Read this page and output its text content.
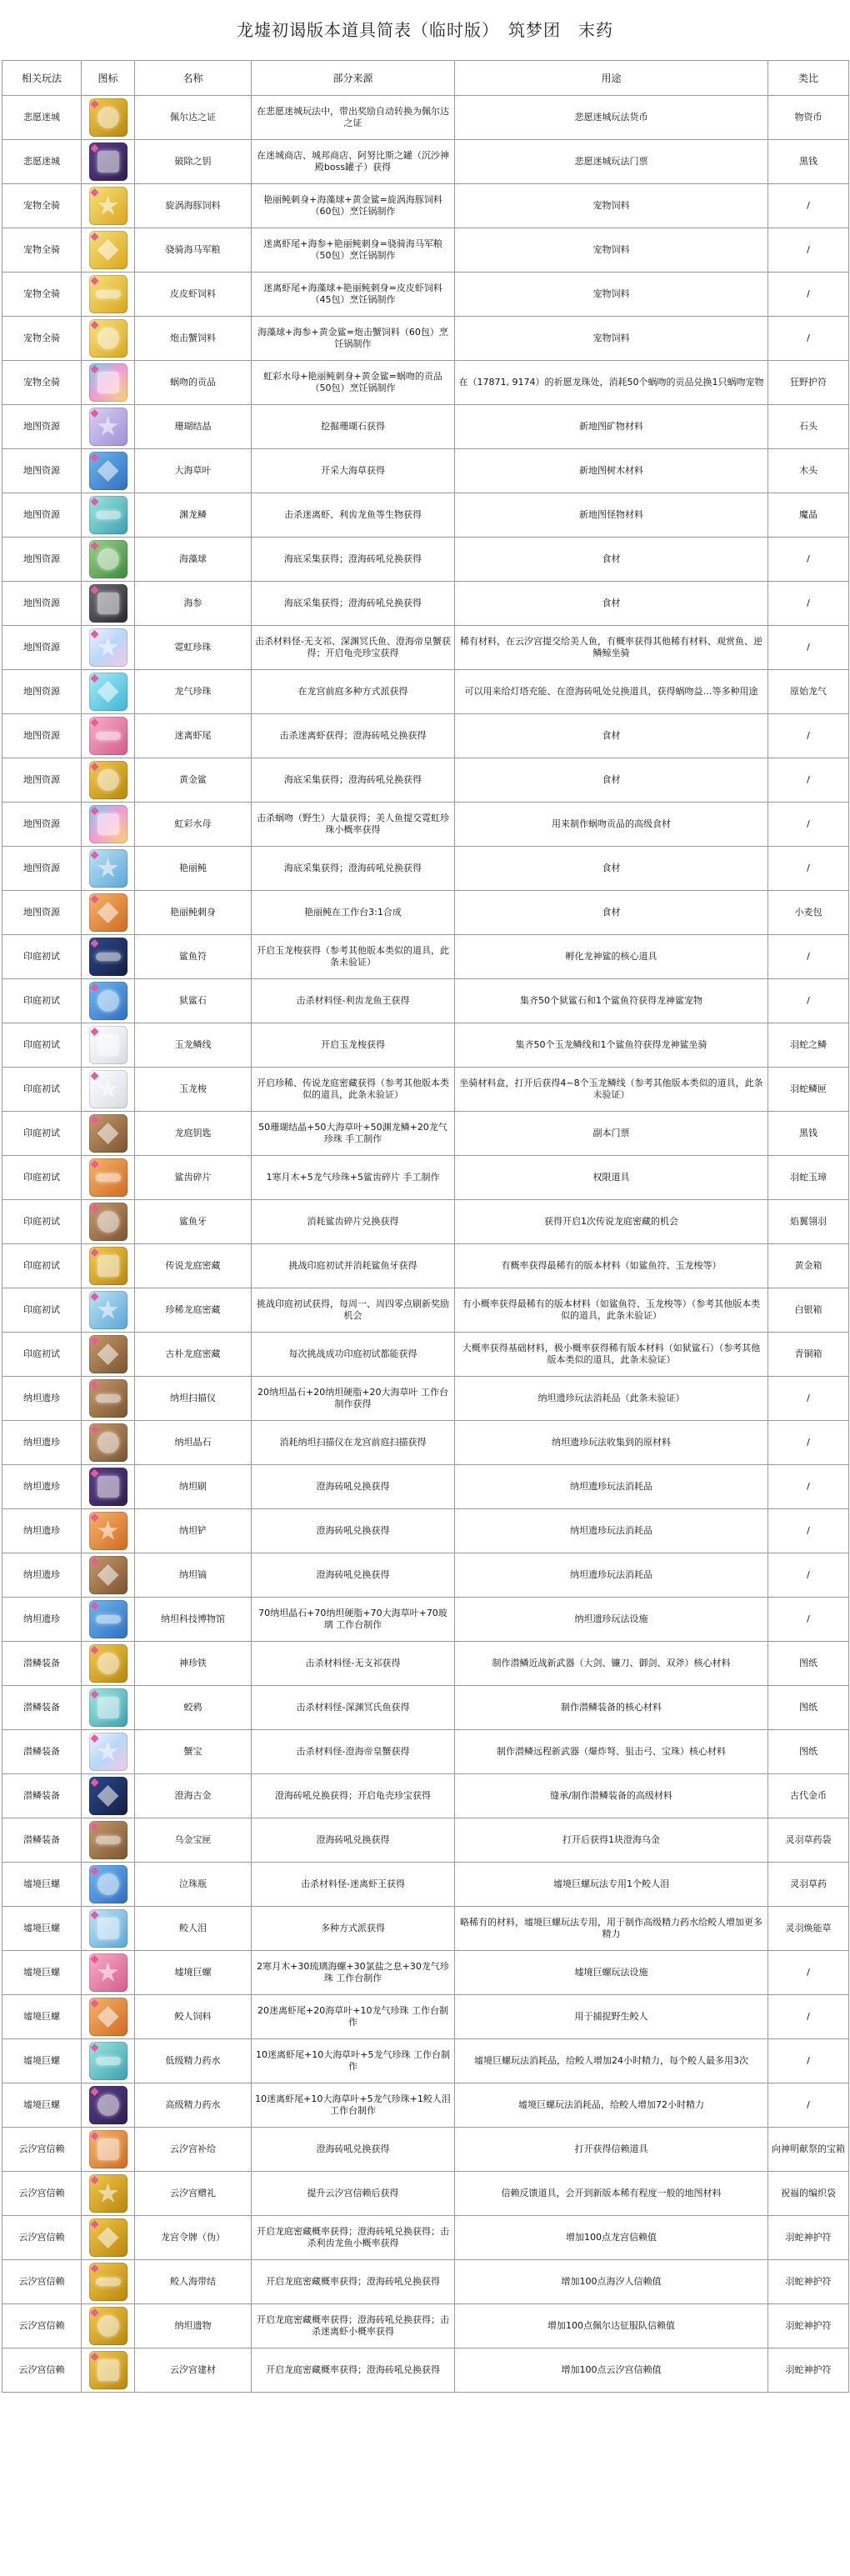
龙墟初谒版本道具简表（临时版）　筑梦团　末药
相关玩法	图标	名称	部分来源	用途	类比
悲愿迷城		佩尔达之证	在悲愿迷城玩法中，带出奖励自动转换为佩尔达之证	悲愿迷城玩法货币	物资币
悲愿迷城		破除之钥	在迷城商店、城邦商店、阿努比斯之罐（沉沙神殿boss罐子）获得	悲愿迷城玩法门票	黑钱
宠物全骑		旋涡海豚饲料	艳丽鲀刺身+海藻球+黄金鲨=旋涡海豚饲料（60包）烹饪锅制作	宠物饲料	/
宠物全骑		骁骑海马军粮	迷离虾尾+海参+艳丽鲀刺身=骁骑海马军粮（50包）烹饪锅制作	宠物饲料	/
宠物全骑		皮皮虾饲料	迷离虾尾+海藻球+艳丽鲀刺身=皮皮虾饲料（45包）烹饪锅制作	宠物饲料	/
宠物全骑		炮击蟹饲料	海藻球+海参+黄金鲨=炮击蟹饲料（60包）烹饪锅制作	宠物饲料	/
宠物全骑		蜗吻的贡品	虹彩水母+艳丽鲀刺身+黄金鲨=蜗吻的贡品（50包）烹饪锅制作	在（17871, 9174）的祈愿龙珠处，消耗50个蜗吻的贡品兑换1只蜗吻宠物	狂野护符
地图资源		珊瑚结晶	挖掘珊瑚石获得	新地图矿物材料	石头
地图资源		大海草叶	开采大海草获得	新地图树木材料	木头
地图资源		渊龙鳞	击杀迷离虾、利齿龙鱼等生物获得	新地图怪物材料	魔晶
地图资源		海藻球	海底采集获得；澄海砖吼兑换获得	食材	/
地图资源		海参	海底采集获得；澄海砖吼兑换获得	食材	/
地图资源		霓虹珍珠	击杀材料怪-无支祁、深渊冥氏鱼、澄海帝皇蟹获得；开启龟壳珍宝获得	稀有材料，在云汐宫提交给美人鱼，有概率获得其他稀有材料、观赏鱼、逆鳞鲸坐骑	/
地图资源		龙气珍珠	在龙宫前庭多种方式派获得	可以用来给灯塔充能、在澄海砖吼处兑换道具，获得蜗吻益…等多种用途	原始龙气
地图资源		迷离虾尾	击杀迷离虾获得；澄海砖吼兑换获得	食材	/
地图资源		黄金鲨	海底采集获得；澄海砖吼兑换获得	食材	/
地图资源		虹彩水母	击杀蜗吻（野生）大量获得；美人鱼提交霓虹珍珠小概率获得	用来制作蜗吻贡品的高级食材	/
地图资源		艳丽鲀	海底采集获得；澄海砖吼兑换获得	食材	/
地图资源		艳丽鲀刺身	艳丽鲀在工作台3:1合成	食材	小麦包
印庭初试		鲨鱼符	开启玉龙梭获得（参考其他版本类似的道具，此条未验证）	孵化龙神鲨的核心道具	/
印庭初试		狱鲨石	击杀材料怪-利齿龙鱼王获得	集齐50个狱鲨石和1个鲨鱼符获得龙神鲨宠物	/
印庭初试		玉龙鳞线	开启玉龙梭获得	集齐50个玉龙鳞线和1个鲨鱼符获得龙神鲨坐骑	羽蛇之鳞
印庭初试		玉龙梭	开启珍稀、传说龙庭密藏获得（参考其他版本类似的道具，此条未验证）	坐骑材料盒，打开后获得4~8个玉龙鳞线（参考其他版本类似的道具，此条未验证）	羽蛇鳞匣
印庭初试		龙庭钥匙	50珊瑚结晶+50大海草叶+50渊龙鳞+20龙气珍珠 手工制作	副本门票	黑钱
印庭初试		鲨齿碎片	1寒月木+5龙气珍珠+5鲨齿碎片 手工制作	权限道具	羽蛇玉璋
印庭初试		鲨鱼牙	消耗鲨齿碎片兑换获得	获得开启1次传说龙庭密藏的机会	焰翼翎羽
印庭初试		传说龙庭密藏	挑战印庭初试并消耗鲨鱼牙获得	有概率获得最稀有的版本材料（如鲨鱼符、玉龙梭等）	黄金箱
印庭初试		珍稀龙庭密藏	挑战印庭初试获得，每周一、周四零点刷新奖励机会	有小概率获得最稀有的版本材料（如鲨鱼符、玉龙梭等）（参考其他版本类似的道具，此条未验证）	白银箱
印庭初试		古朴龙庭密藏	每次挑战成功印庭初试都能获得	大概率获得基础材料，极小概率获得稀有版本材料（如狱鲨石）（参考其他版本类似的道具，此条未验证）	青铜箱
纳坦遗珍		纳坦扫描仪	20纳坦晶石+20纳坦硬脂+20大海草叶 工作台制作获得	纳坦遗珍玩法消耗品（此条未验证）	/
纳坦遗珍		纳坦晶石	消耗纳坦扫描仪在龙宫前庭扫描获得	纳坦遗珍玩法收集到的原材料	/
纳坦遗珍		纳坦刷	澄海砖吼兑换获得	纳坦遗珍玩法消耗品	/
纳坦遗珍		纳坦铲	澄海砖吼兑换获得	纳坦遗珍玩法消耗品	/
纳坦遗珍		纳坦镐	澄海砖吼兑换获得	纳坦遗珍玩法消耗品	/
纳坦遗珍		纳坦科技博物馆	70纳坦晶石+70纳坦硬脂+70大海草叶+70玻璃 工作台制作	纳坦遗珍玩法设施	/
潜鳞装备		神珍铁	击杀材料怪-无支祁获得	制作潜鳞近战新武器（大剑、镰刀、御剑、双斧）核心材料	图纸
潜鳞装备		蛟鸦	击杀材料怪-深渊冥氏鱼获得	制作潜鳞装备的核心材料	图纸
潜鳞装备		蟹宝	击杀材料怪-澄海帝皇蟹获得	制作潜鳞远程新武器（爆炸弩、狙击弓、宝珠）核心材料	图纸
潜鳞装备		澄海古金	澄海砖吼兑换获得；开启龟壳珍宝获得	缝承/制作潜鳞装备的高级材料	古代金币
潜鳞装备		乌金宝匣	澄海砖吼兑换获得	打开后获得1块澄海乌金	灵羽草药袋
墟境巨螺		泣珠瓶	击杀材料怪-迷离虾王获得	墟境巨螺玩法专用1个鲛人泪	灵羽草药
墟境巨螺		鲛人泪	多种方式派获得	略稀有的材料，墟境巨螺玩法专用，用于制作高级精力药水给鲛人增加更多精力	灵羽焕能草
墟境巨螺		墟境巨螺	2寒月木+30琉璃海螺+30氯盐之息+30龙气珍珠 工作台制作	墟境巨螺玩法设施	/
墟境巨螺		鲛人饲料	20迷离虾尾+20海草叶+10龙气珍珠 工作台制作	用于捕捉野生鲛人	/
墟境巨螺		低级精力药水	10迷离虾尾+10大海草叶+5龙气珍珠 工作台制作	墟境巨螺玩法消耗品，给鲛人增加24小时精力，每个鲛人最多用3次	/
墟境巨螺		高级精力药水	10迷离虾尾+10大海草叶+5龙气珍珠+1鲛人泪 工作台制作	墟境巨螺玩法消耗品，给鲛人增加72小时精力	/
云汐宫信赖		云汐宫补给	澄海砖吼兑换获得	打开获得信赖道具	向神明献祭的宝箱
云汐宫信赖		云汐宫赠礼	提升云汐宫信赖后获得	信赖反馈道具，会开到新版本稀有程度一般的地图材料	祝福的编织袋
云汐宫信赖		龙宫令牌（伪）	开启龙庭密藏概率获得；澄海砖吼兑换获得；击杀利齿龙鱼小概率获得	增加100点龙宫信赖值	羽蛇神护符
云汐宫信赖		鲛人海带结	开启龙庭密藏概率获得；澄海砖吼兑换获得	增加100点海汐人信赖值	羽蛇神护符
云汐宫信赖		纳坦遗物	开启龙庭密藏概率获得；澄海砖吼兑换获得；击杀迷离虾小概率获得	增加100点佩尔达征服队信赖值	羽蛇神护符
云汐宫信赖		云汐宫建材	开启龙庭密藏概率获得；澄海砖吼兑换获得	增加100点云汐宫信赖值	羽蛇神护符
